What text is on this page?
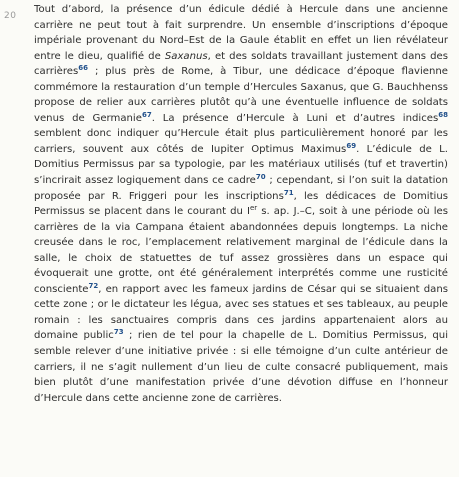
20

Tout d’abord, la présence d’un édicule dédié à Hercule dans une ancienne carrière ne peut tout à fait surprendre. Un ensemble d’inscriptions d’époque impériale provenant du Nord–Est de la Gaule établit en effet un lien révélateur entre le dieu, qualifié de Saxanus, et des soldats travaillant justement dans des carrières$^{66}$ ; plus près de Rome, à Tibur, une dédicace d’époque flavienne commémore la restauration d’un temple d’Hercules Saxanus, que G. Bauchhenss propose de relier aux carrières plutôt qu’à une éventuelle influence de soldats venus de Germanie$^{67}$. La présence d’Hercule à Luni et d’autres indices$^{68}$ semblent donc indiquer qu’Hercule était plus particulièrement honoré par les carriers, souvent aux côtés de Iupiter Optimus Maximus$^{69}$. L’édicule de L. Domitius Permissus par sa typologie, par les matériaux utilisés (tuf et travertin) s’incrirait assez logiquement dans ce cadre$^{70}$ ; cependant, si l’on suit la datation proposée par R. Friggeri pour les inscriptions$^{71}$, les dédicaces de Domitius Permissus se placent dans le courant du Ier s. ap. J.–C, soit à une période où les carrières de la via Campana étaient abandonnées depuis longtemps. La niche creusée dans le roc, l’emplacement relativement marginal de l’édicule dans la salle, le choix de statuettes de tuf assez grossières dans un espace qui évoquerait une grotte, ont été généralement interprétés comme une rusticité consciente$^{72}$, en rapport avec les fameux jardins de César qui se situaient dans cette zone ; or le dictateur les légua, avec ses statues et ses tableaux, au peuple romain : les sanctuaires compris dans ces jardins appartenaient alors au domaine public$^{73}$ ; rien de tel pour la chapelle de L. Domitius Permissus, qui semble relever d’une initiative privée : si elle témoigne d’un culte antérieur de carriers, il ne s’agit nullement d’un lieu de culte consacré publiquement, mais bien plutôt d’une manifestation privée d’une dévotion diffuse en l’honneur d’Hercule dans cette ancienne zone de carrières.
